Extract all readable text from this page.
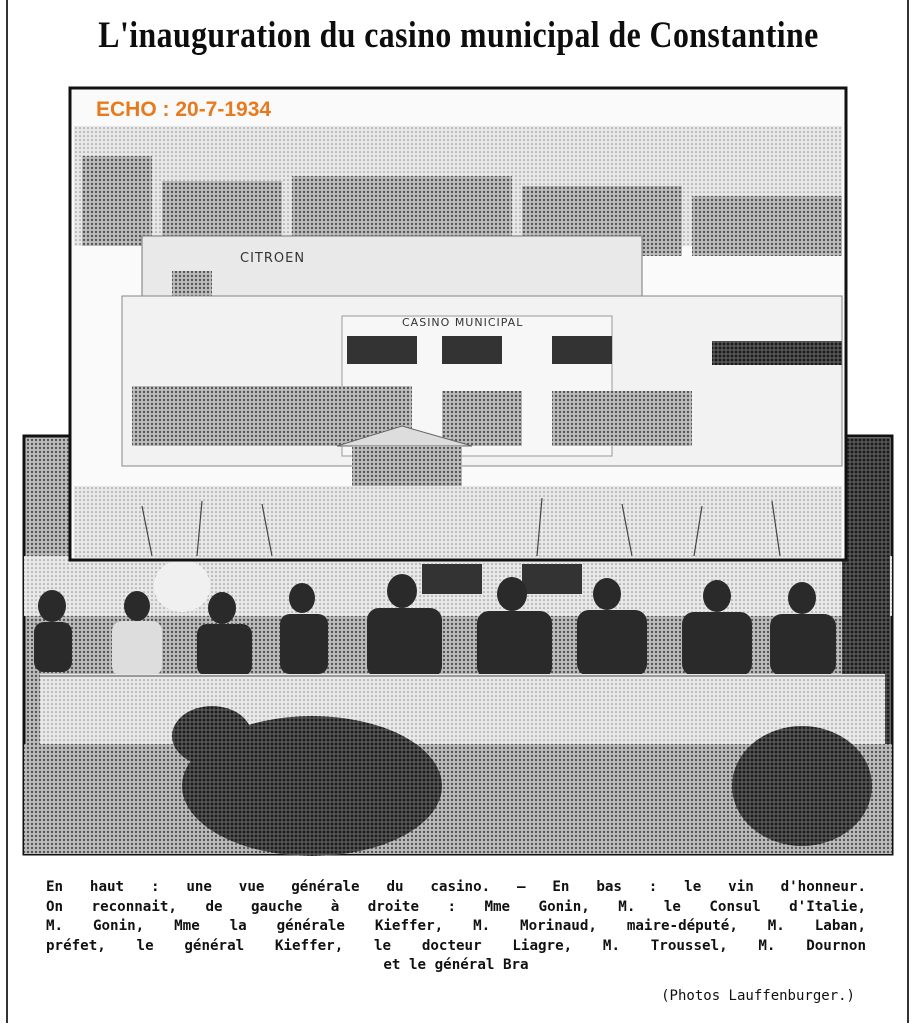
L'inauguration du casino municipal de Constantine
CITROEN
CASINO MUNICIPAL
ECHO : 20-7-1934
En haut : une vue générale du casino. — En bas : le vin d'honneur.
On reconnait, de gauche à droite : Mme Gonin, M. le Consul d'Italie,
M. Gonin, Mme la générale Kieffer, M. Morinaud, maire-député, M. Laban,
préfet, le général Kieffer, le docteur Liagre, M. Troussel, M. Dournon
et le général Bra
(Photos Lauffenburger.)
